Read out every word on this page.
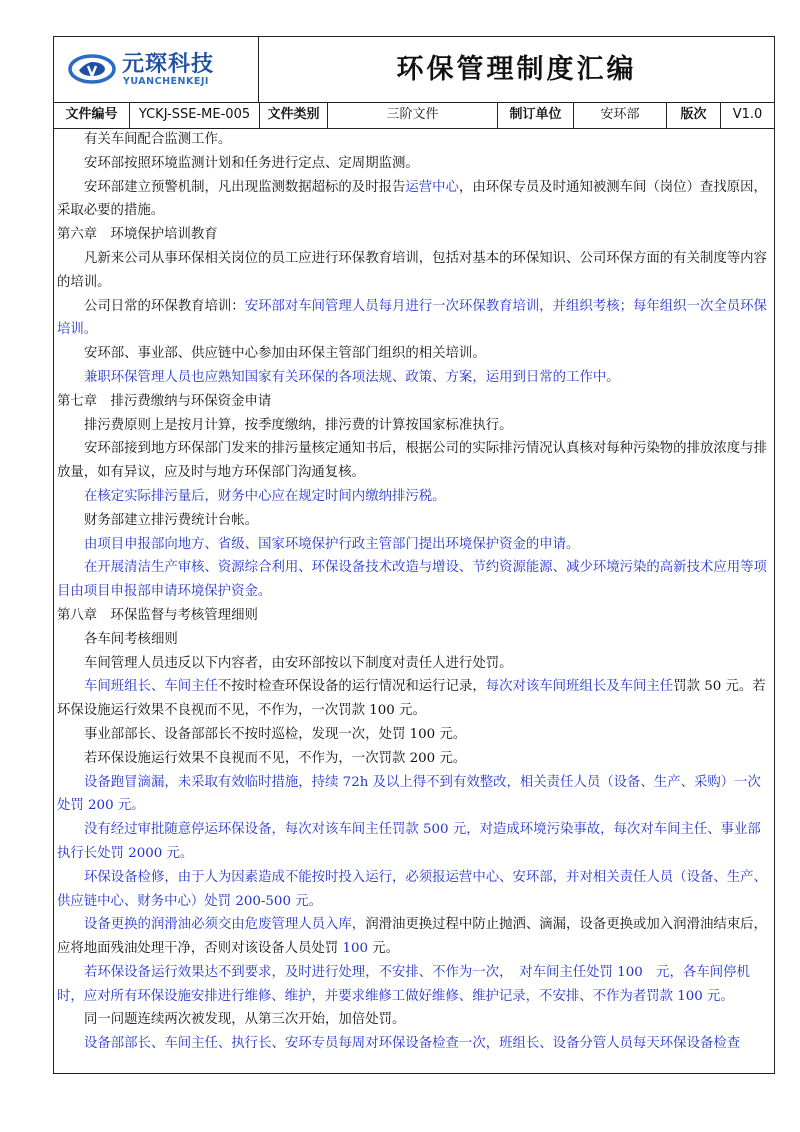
元琛科技
YUANCHENKEJI	环保管理制度汇编
文件编号	YCKJ-SSE-ME-005	文件类别	三阶文件	制订单位	安环部	版次	V1.0

有关车间配合监测工作。

安环部按照环境监测计划和任务进行定点、定周期监测。

安环部建立预警机制，凡出现监测数据超标的及时报告运营中心，由环保专员及时通知被测车间（岗位）查找原因，采取必要的措施。

第六章　环境保护培训教育

凡新来公司从事环保相关岗位的员工应进行环保教育培训，包括对基本的环保知识、公司环保方面的有关制度等内容的培训。

公司日常的环保教育培训：安环部对车间管理人员每月进行一次环保教育培训，并组织考核；每年组织一次全员环保培训。

安环部、事业部、供应链中心参加由环保主管部门组织的相关培训。

兼职环保管理人员也应熟知国家有关环保的各项法规、政策、方案，运用到日常的工作中。

第七章　排污费缴纳与环保资金申请

排污费原则上是按月计算，按季度缴纳，排污费的计算按国家标准执行。

安环部接到地方环保部门发来的排污量核定通知书后，根据公司的实际排污情况认真核对每种污染物的排放浓度与排放量，如有异议，应及时与地方环保部门沟通复核。

在核定实际排污量后，财务中心应在规定时间内缴纳排污税。

财务部建立排污费统计台帐。

由项目申报部向地方、省级、国家环境保护行政主管部门提出环境保护资金的申请。

在开展清洁生产审核、资源综合利用、环保设备技术改造与增设、节约资源能源、减少环境污染的高新技术应用等项目由项目申报部申请环境保护资金。

第八章　环保监督与考核管理细则

各车间考核细则

车间管理人员违反以下内容者，由安环部按以下制度对责任人进行处罚。

车间班组长、车间主任不按时检查环保设备的运行情况和运行记录，每次对该车间班组长及车间主任罚款 50 元。若环保设施运行效果不良视而不见，不作为，一次罚款 100 元。

事业部部长、设备部部长不按时巡检，发现一次，处罚 100 元。

若环保设施运行效果不良视而不见，不作为，一次罚款 200 元。

设备跑冒滴漏，未采取有效临时措施，持续 72h 及以上得不到有效整改，相关责任人员（设备、生产、采购）一次处罚 200 元。

没有经过审批随意停运环保设备，每次对该车间主任罚款 500 元，对造成环境污染事故，每次对车间主任、事业部执行长处罚 2000 元。

环保设备检修，由于人为因素造成不能按时投入运行，必须报运营中心、安环部，并对相关责任人员（设备、生产、供应链中心、财务中心）处罚 200-500 元。

设备更换的润滑油必须交由危废管理人员入库，润滑油更换过程中防止抛洒、滴漏，设备更换或加入润滑油结束后，应将地面残油处理干净，否则对该设备人员处罚 100 元。

若环保设备运行效果达不到要求，及时进行处理，不安排、不作为一次，　对车间主任处罚 100　元，各车间停机时，应对所有环保设施安排进行维修、维护，并要求维修工做好维修、维护记录，不安排、不作为者罚款 100 元。

同一问题连续两次被发现，从第三次开始，加倍处罚。

设备部部长、车间主任、执行长、安环专员每周对环保设备检查一次，班组长、设备分管人员每天环保设备检查
